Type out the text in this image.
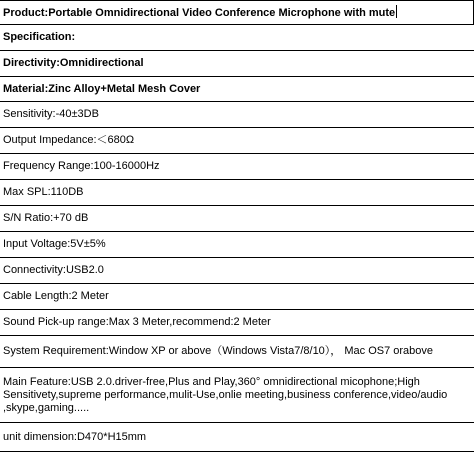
Product:Portable Omnidirectional Video Conference Microphone with mute
Specification:
Directivity:Omnidirectional
Material:Zinc Alloy+Metal Mesh Cover
Sensitivity:-40±3DB
Output Impedance:＜680Ω
Frequency Range:100-16000Hz
Max SPL:110DB
S/N Ratio:+70 dB
Input Voltage:5V±5%
Connectivity:USB2.0
Cable Length:2 Meter
Sound Pick-up range:Max 3 Meter,recommend:2 Meter
System Requirement:Window XP or above（Windows Vista7/8/10）， Mac OS7 orabove
Main Feature:USB 2.0.driver-free,Plus and Play,360° omnidirectional micophone;High Sensitivety,supreme performance,mulit-Use,onlie meeting,business conference,video/audio ,skype,gaming.....
unit dimension:D470*H15mm
